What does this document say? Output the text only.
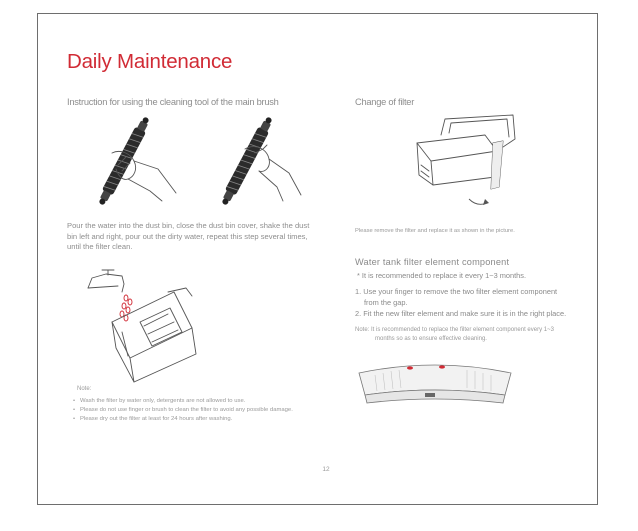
Daily Maintenance
Instruction for using the cleaning tool of the main brush	Change of filter
Pour the water into the dust bin, close the dust bin cover, shake the dust bin left and right, pour out the dirty water, repeat this step several times, until the filter clean.
Please remove the filter and replace it as shown in the picture.
Water tank filter element component
* It is recommended to replace it every 1~3 months.
1. Use your finger to remove the two filter element component
from the gap.
2. Fit the new filter element and make sure it is in the right place.
Note: It is recommended to replace the filter element component every 1~3
months so as to ensure effective cleaning.
Note:
• Wash the filter by water only, detergents are not allowed to use.
• Please do not use finger or brush to clean the filter to avoid any possible damage.
• Please dry out the filter at least for 24 hours after washing.
12
